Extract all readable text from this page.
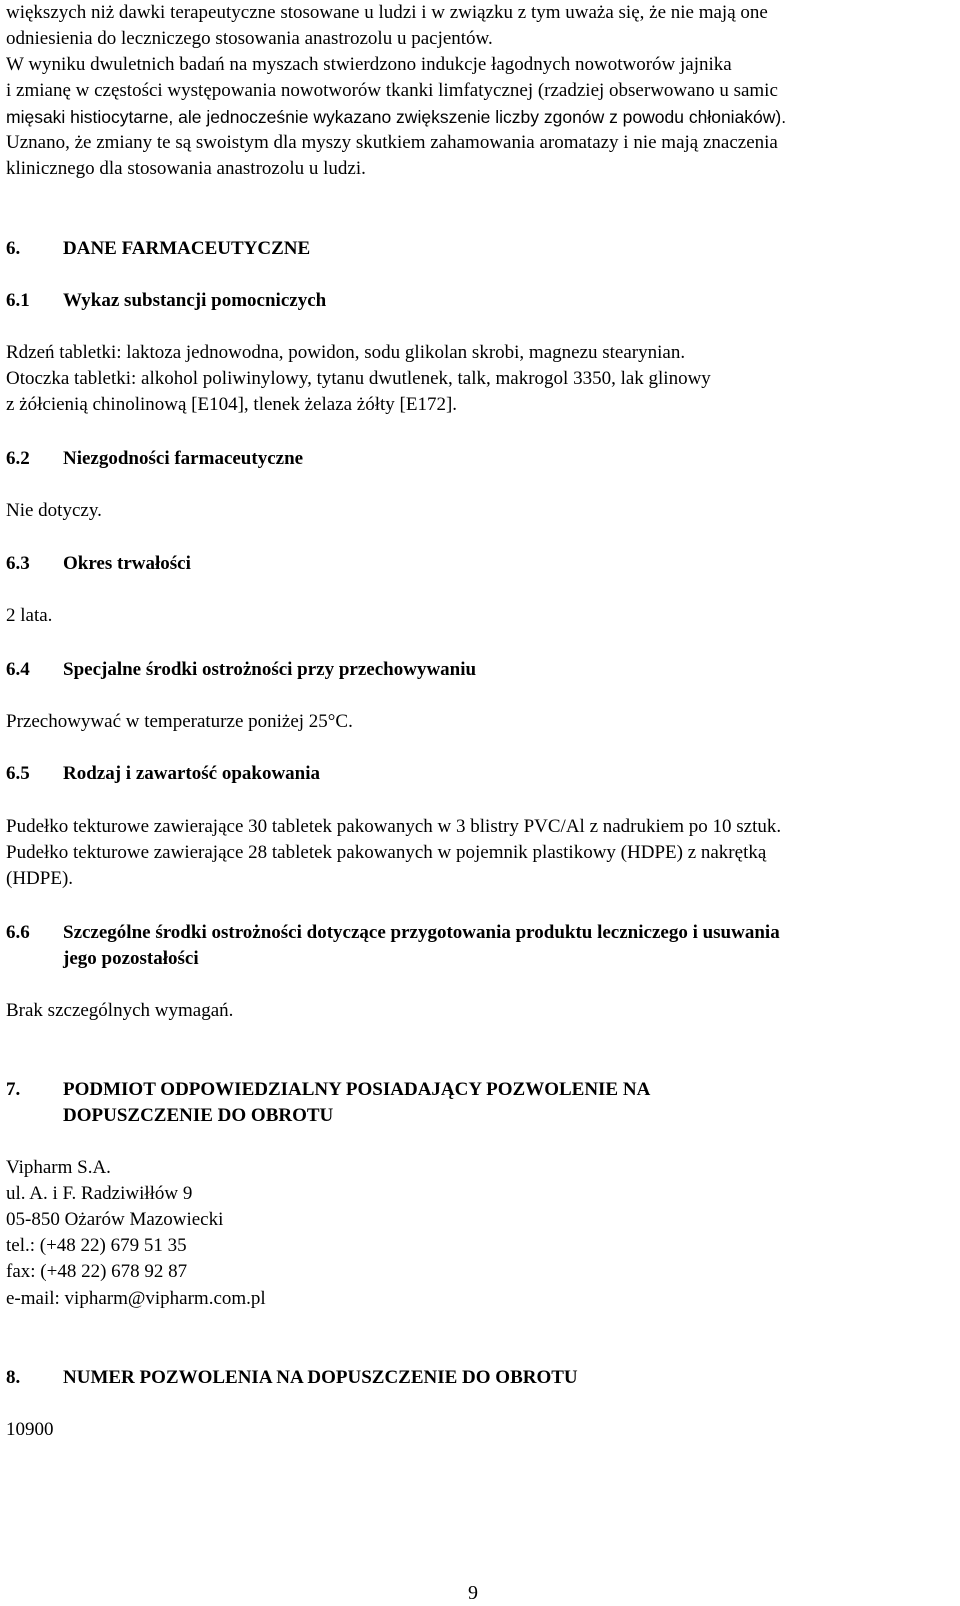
większych niż dawki terapeutyczne stosowane u ludzi i w związku z tym uważa się, że nie mają one
odniesienia do leczniczego stosowania anastrozolu u pacjentów.
W wyniku dwuletnich badań na myszach stwierdzono indukcje łagodnych nowotworów jajnika
i zmianę w częstości występowania nowotworów tkanki limfatycznej (rzadziej obserwowano u samic
mięsaki histiocytarne, ale jednocześnie wykazano zwiększenie liczby zgonów z powodu chłoniaków).
Uznano, że zmiany te są swoistym dla myszy skutkiem zahamowania aromatazy i nie mają znaczenia
klinicznego dla stosowania anastrozolu u ludzi.
6. DANE FARMACEUTYCZNE
6.1 Wykaz substancji pomocniczych
Rdzeń tabletki: laktoza jednowodna, powidon, sodu glikolan skrobi, magnezu stearynian.
Otoczka tabletki: alkohol poliwinylowy, tytanu dwutlenek, talk, makrogol 3350, lak glinowy
z żółcienią chinolinową [E104], tlenek żelaza żółty [E172].
6.2 Niezgodności farmaceutyczne
Nie dotyczy.
6.3 Okres trwałości
2 lata.
6.4 Specjalne środki ostrożności przy przechowywaniu
Przechowywać w temperaturze poniżej 25°C.
6.5 Rodzaj i zawartość opakowania
Pudełko tekturowe zawierające 30 tabletek pakowanych w 3 blistry PVC/Al z nadrukiem po 10 sztuk.
Pudełko tekturowe zawierające 28 tabletek pakowanych w pojemnik plastikowy (HDPE) z nakrętką
(HDPE).
6.6 Szczególne środki ostrożności dotyczące przygotowania produktu leczniczego i usuwania
jego pozostałości
Brak szczególnych wymagań.
7. PODMIOT ODPOWIEDZIALNY POSIADAJĄCY POZWOLENIE NA
DOPUSZCZENIE DO OBROTU
Vipharm S.A.
ul. A. i F. Radziwiłłów 9
05-850 Ożarów Mazowiecki
tel.: (+48 22) 679 51 35
fax: (+48 22) 678 92 87
e-mail: vipharm@vipharm.com.pl
8. NUMER POZWOLENIA NA DOPUSZCZENIE DO OBROTU
10900
9
